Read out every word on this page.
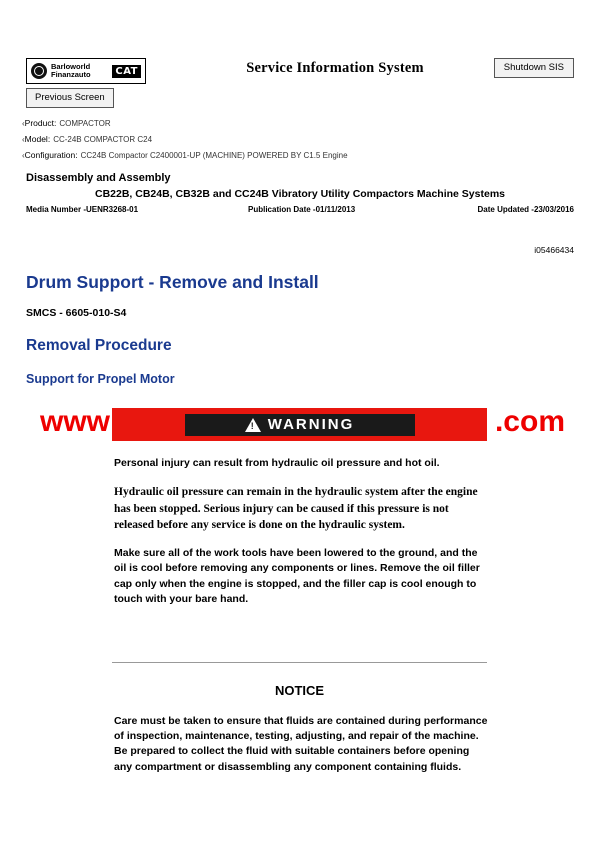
Barloworld
Finanzauto	CAT	Service Information System	Shutdown SIS
Previous Screen
‹Product: COMPACTOR
‹Model: CC-24B COMPACTOR C24
‹Configuration: CC24B Compactor C2400001-UP (MACHINE) POWERED BY C1.5 Engine
Disassembly and Assembly
CB22B, CB24B, CB32B and CC24B Vibratory Utility Compactors Machine Systems
Media Number -UENR3268-01	Publication Date -01/11/2013	Date Updated -23/03/2016
i05466434
Drum Support - Remove and Install
SMCS - 6605-010-S4
Removal Procedure
Support for Propel Motor
www	.com
!
WARNING
Personal injury can result from hydraulic oil pressure and hot oil.
Hydraulic oil pressure can remain in the hydraulic system after the engine has been stopped. Serious injury can be caused if this pressure is not released before any service is done on the hydraulic system.
Make sure all of the work tools have been lowered to the ground, and the oil is cool before removing any components or lines. Remove the oil filler cap only when the engine is stopped, and the filler cap is cool enough to touch with your bare hand.
NOTICE
Care must be taken to ensure that fluids are contained during performance of inspection, maintenance, testing, adjusting, and repair of the machine. Be prepared to collect the fluid with suitable containers before opening any compartment or disassembling any component containing fluids.
